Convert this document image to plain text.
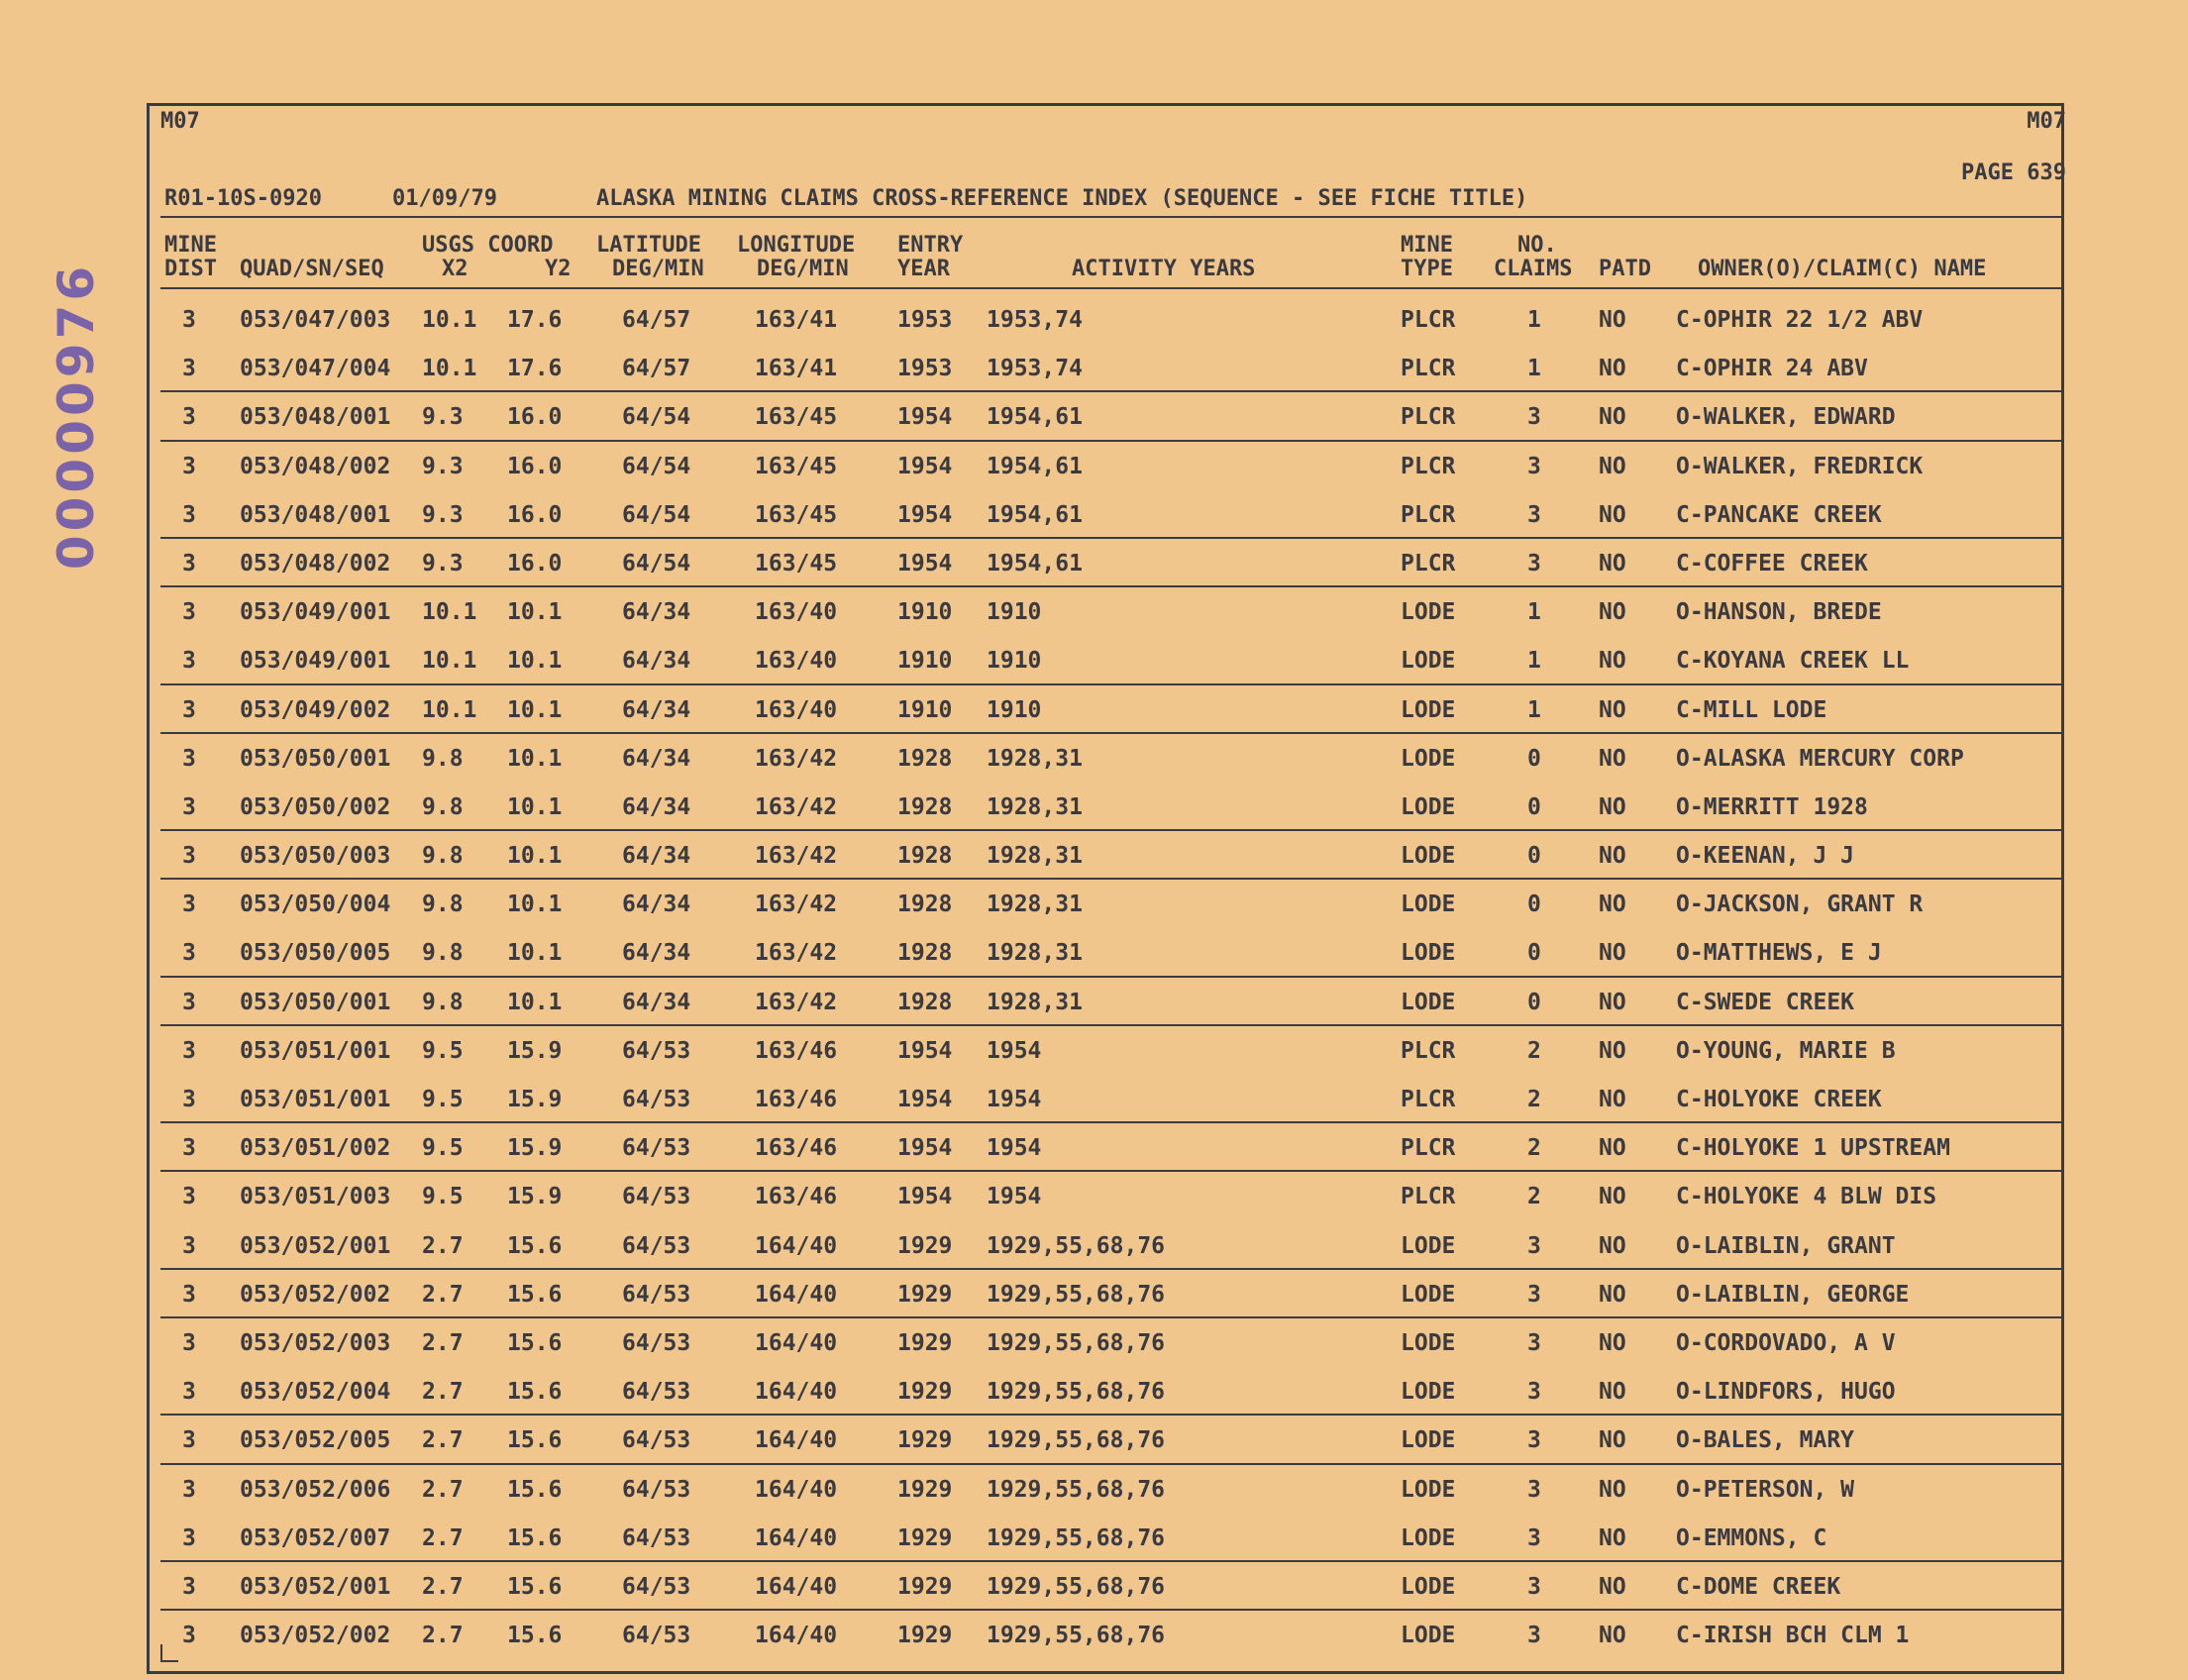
00000976
M07	M07
PAGE 639
R01-10S-0920	01/09/79	ALASKA MINING CLAIMS CROSS-REFERENCE INDEX (SEQUENCE - SEE FICHE TITLE)
MINE
DIST QUAD/SN/SEQ
USGS COORD
X2	Y2
LATITUDE
DEG/MIN
LONGITUDE
DEG/MIN
ENTRY
YEAR	ACTIVITY YEARS
MINE
TYPE
NO.
CLAIMS PATD OWNER(O)/CLAIM(C) NAME
3 053/047/003 10.1 17.6	64/57	163/41	1953 1953,74	PLCR	1	NO C-OPHIR 22 1/2 ABV
3 053/047/004 10.1 17.6	64/57	163/41	1953 1953,74	PLCR	1	NO C-OPHIR 24 ABV
3 053/048/001 9.3 16.0	64/54	163/45	1954 1954,61	PLCR	3	NO O-WALKER, EDWARD
3 053/048/002 9.3 16.0	64/54	163/45	1954 1954,61	PLCR	3	NO O-WALKER, FREDRICK
3 053/048/001 9.3 16.0	64/54	163/45	1954 1954,61	PLCR	3	NO C-PANCAKE CREEK
3 053/048/002 9.3 16.0	64/54	163/45	1954 1954,61	PLCR	3	NO C-COFFEE CREEK
3 053/049/001 10.1 10.1	64/34	163/40	1910 1910	LODE	1	NO O-HANSON, BREDE
3 053/049/001 10.1 10.1	64/34	163/40	1910 1910	LODE	1	NO C-KOYANA CREEK LL
3 053/049/002 10.1 10.1	64/34	163/40	1910 1910	LODE	1	NO C-MILL LODE
3 053/050/001 9.8 10.1	64/34	163/42	1928 1928,31	LODE	0	NO O-ALASKA MERCURY CORP
3 053/050/002 9.8 10.1	64/34	163/42	1928 1928,31	LODE	0	NO O-MERRITT 1928
3 053/050/003 9.8 10.1	64/34	163/42	1928 1928,31	LODE	0	NO O-KEENAN, J J
3 053/050/004 9.8 10.1	64/34	163/42	1928 1928,31	LODE	0	NO O-JACKSON, GRANT R
3 053/050/005 9.8 10.1	64/34	163/42	1928 1928,31	LODE	0	NO O-MATTHEWS, E J
3 053/050/001 9.8 10.1	64/34	163/42	1928 1928,31	LODE	0	NO C-SWEDE CREEK
3 053/051/001 9.5 15.9	64/53	163/46	1954 1954	PLCR	2	NO O-YOUNG, MARIE B
3 053/051/001 9.5 15.9	64/53	163/46	1954 1954	PLCR	2	NO C-HOLYOKE CREEK
3 053/051/002 9.5 15.9	64/53	163/46	1954 1954	PLCR	2	NO C-HOLYOKE 1 UPSTREAM
3 053/051/003 9.5 15.9	64/53	163/46	1954 1954	PLCR	2	NO C-HOLYOKE 4 BLW DIS
3 053/052/001 2.7 15.6	64/53	164/40	1929 1929,55,68,76	LODE	3	NO O-LAIBLIN, GRANT
3 053/052/002 2.7 15.6	64/53	164/40	1929 1929,55,68,76	LODE	3	NO O-LAIBLIN, GEORGE
3 053/052/003 2.7 15.6	64/53	164/40	1929 1929,55,68,76	LODE	3	NO O-CORDOVADO, A V
3 053/052/004 2.7 15.6	64/53	164/40	1929 1929,55,68,76	LODE	3	NO O-LINDFORS, HUGO
3 053/052/005 2.7 15.6	64/53	164/40	1929 1929,55,68,76	LODE	3	NO O-BALES, MARY
3 053/052/006 2.7 15.6	64/53	164/40	1929 1929,55,68,76	LODE	3	NO O-PETERSON, W
3 053/052/007 2.7 15.6	64/53	164/40	1929 1929,55,68,76	LODE	3	NO O-EMMONS, C
3 053/052/001 2.7 15.6	64/53	164/40	1929 1929,55,68,76	LODE	3	NO C-DOME CREEK
3 053/052/002 2.7 15.6	64/53	164/40	1929 1929,55,68,76	LODE	3	NO C-IRISH BCH CLM 1
